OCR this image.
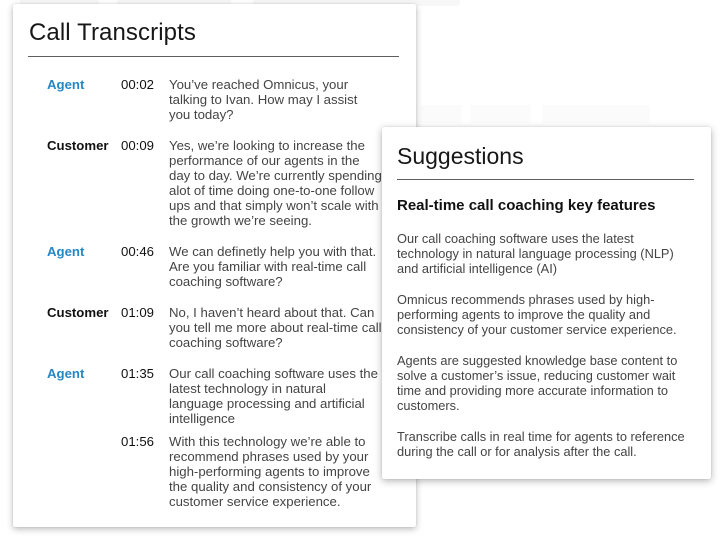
Call Transcripts
Agent	00:02 You’ve reached Omnicus, your talking to Ivan. How may I assist you today?
Customer 00:09 Yes, we’re looking to increase the performance of our agents in the day to day. We’re currently spending alot of time doing one-to-one follow ups and that simply won’t scale with the growth we’re seeing.
Agent	00:46 We can definetly help you with that. Are you familiar with real-time call coaching software?
Customer 01:09 No, I haven’t heard about that. Can you tell me more about real-time call coaching software?
Agent	01:35 Our call coaching software uses the latest technology in natural language processing and artificial intelligence
01:56 With this technology we’re able to recommend phrases used by your high-performing agents to improve the quality and consistency of your customer service experience.
Suggestions
Real-time call coaching key features

Our call coaching software uses the latest technology in natural language processing (NLP) and artificial intelligence (AI)

Omnicus recommends phrases used by high-performing agents to improve the quality and consistency of your customer service experience.

Agents are suggested knowledge base content to solve a customer’s issue, reducing customer wait time and providing more accurate information to customers.

Transcribe calls in real time for agents to reference during the call or for analysis after the call.
